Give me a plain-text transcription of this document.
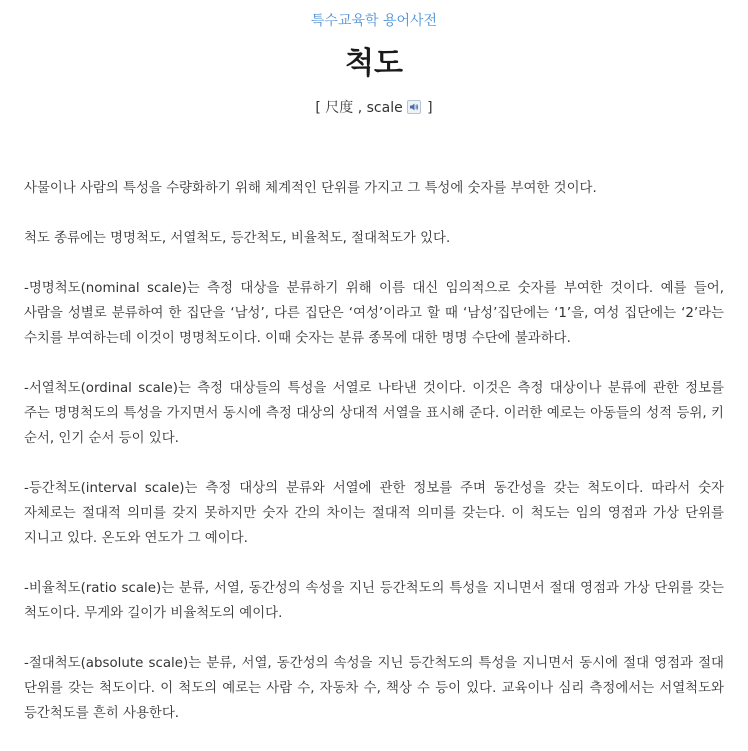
특수교육학 용어사전
척도
[ 尺度 , scale
]

사물이나 사람의 특성을 수량화하기 위해 체계적인 단위를 가지고 그 특성에 숫자를 부여한 것이다.

척도 종류에는 명명척도, 서열척도, 등간척도, 비율척도, 절대척도가 있다.

-명명척도(nominal scale)는 측정 대상을 분류하기 위해 이름 대신 임의적으로 숫자를 부여한 것이다. 예를 들어, 사람을 성별로 분류하여 한 집단을 ‘남성’, 다른 집단은 ‘여성’이라고 할 때 ‘남성’집단에는 ‘1’을, 여성 집단에는 ‘2’라는 수치를 부여하는데 이것이 명명척도이다. 이때 숫자는 분류 종목에 대한 명명 수단에 불과하다.

-서열척도(ordinal scale)는 측정 대상들의 특성을 서열로 나타낸 것이다. 이것은 측정 대상이나 분류에 관한 정보를 주는 명명척도의 특성을 가지면서 동시에 측정 대상의 상대적 서열을 표시해 준다. 이러한 예로는 아동들의 성적 등위, 키 순서, 인기 순서 등이 있다.

-등간척도(interval scale)는 측정 대상의 분류와 서열에 관한 정보를 주며 동간성을 갖는 척도이다. 따라서 숫자 자체로는 절대적 의미를 갖지 못하지만 숫자 간의 차이는 절대적 의미를 갖는다. 이 척도는 임의 영점과 가상 단위를 지니고 있다. 온도와 연도가 그 예이다.

-비율척도(ratio scale)는 분류, 서열, 동간성의 속성을 지닌 등간척도의 특성을 지니면서 절대 영점과 가상 단위를 갖는 척도이다. 무게와 길이가 비율척도의 예이다.

-절대척도(absolute scale)는 분류, 서열, 동간성의 속성을 지닌 등간척도의 특성을 지니면서 동시에 절대 영점과 절대 단위를 갖는 척도이다. 이 척도의 예로는 사람 수, 자동차 수, 책상 수 등이 있다. 교육이나 심리 측정에서는 서열척도와 등간척도를 흔히 사용한다.
